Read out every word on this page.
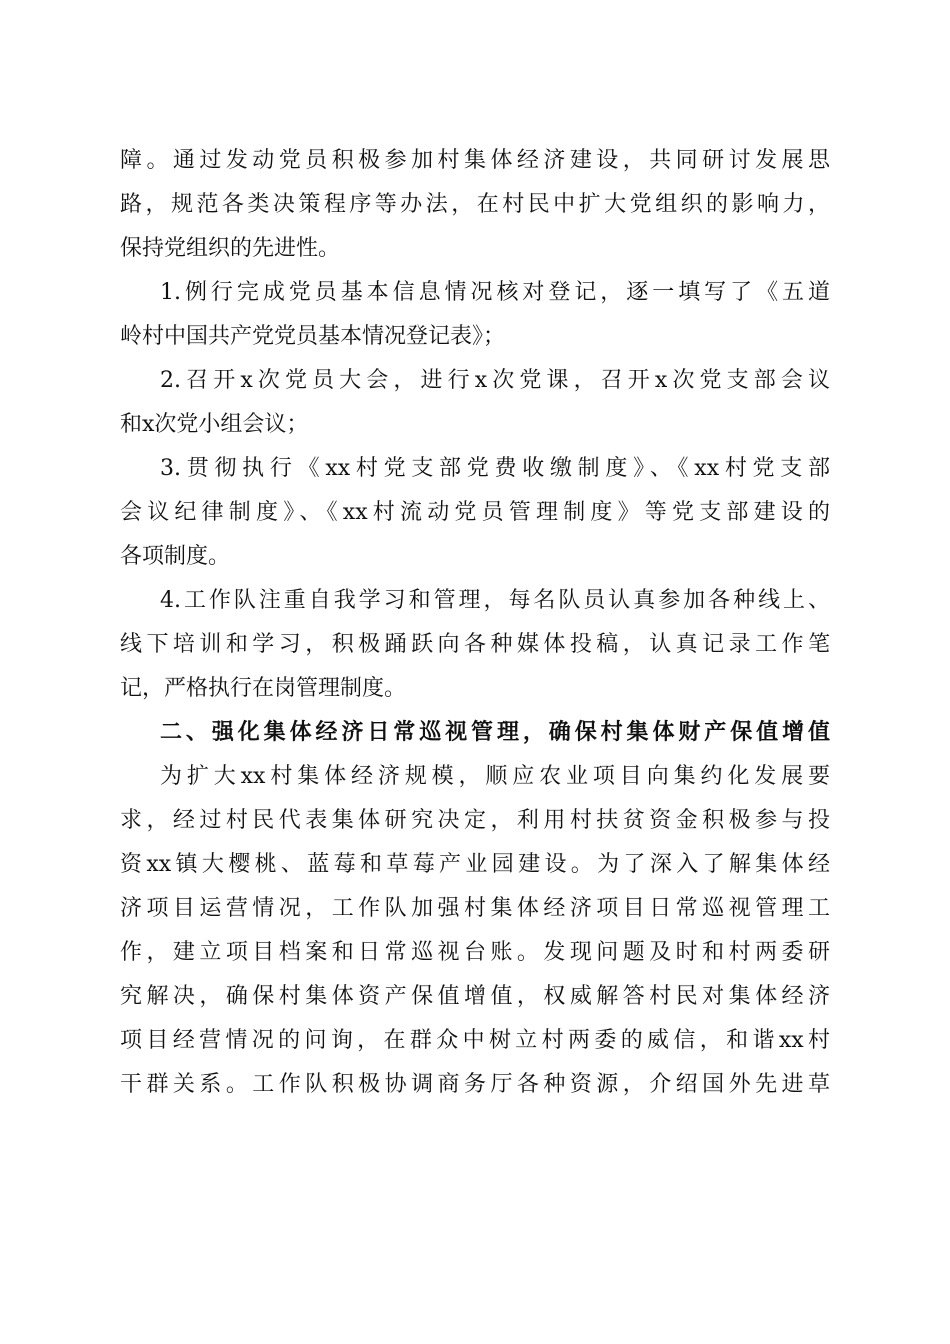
障。通过发动党员积极参加村集体经济建设，共同研讨发展思
路，规范各类决策程序等办法，在村民中扩大党组织的影响力，
保持党组织的先进性。
1.例行完成党员基本信息情况核对登记，逐一填写了《五道
岭村中国共产党党员基本情况登记表》；
2.召开x次党员大会，进行x次党课，召开x次党支部会议
和x次党小组会议；
3.贯彻执行《xx村党支部党费收缴制度》、《xx村党支部
会议纪律制度》、《xx村流动党员管理制度》等党支部建设的
各项制度。
4.工作队注重自我学习和管理，每名队员认真参加各种线上、
线下培训和学习，积极踊跃向各种媒体投稿，认真记录工作笔
记，严格执行在岗管理制度。
二、强化集体经济日常巡视管理，确保村集体财产保值增值
为扩大xx村集体经济规模，顺应农业项目向集约化发展要
求，经过村民代表集体研究决定，利用村扶贫资金积极参与投
资xx镇大樱桃、蓝莓和草莓产业园建设。为了深入了解集体经
济项目运营情况，工作队加强村集体经济项目日常巡视管理工
作，建立项目档案和日常巡视台账。发现问题及时和村两委研
究解决，确保村集体资产保值增值，权威解答村民对集体经济
项目经营情况的问询，在群众中树立村两委的威信，和谐xx村
干群关系。工作队积极协调商务厅各种资源，介绍国外先进草
